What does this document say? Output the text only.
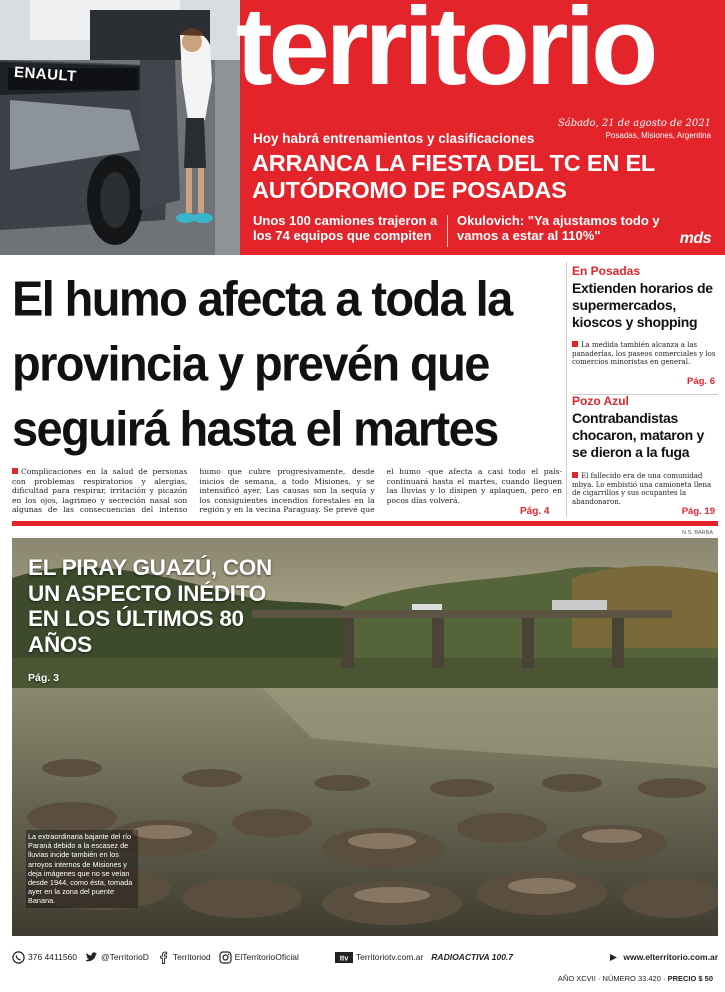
ENAULT territorio
Sábado, 21 de agosto de 2021
Posadas, Misiones, Argentina
Hoy habrá entrenamientos y clasificaciones
ARRANCA LA FIESTA DEL TC EN EL AUTÓDROMO DE POSADAS
Unos 100 camiones trajeron a los 74 equipos que compiten
Okulovich: "Ya ajustamos todo y vamos a estar al 110%"	mds
El humo afecta a toda la provincia y prevén que seguirá hasta el martes
Complicaciones en la salud de personas con problemas respiratorios y alergias, dificultad para respirar, irritación y picazón en los ojos, lagrimeo y secreción nasal son algunas de las consecuencias del intenso humo que cubre progresivamente, desde inicios de semana, a todo Misiones, y se intensificó ayer. Las causas son la sequía y los consiguientes incendios forestales en la región y en la vecina Paraguay. Se prevé que el humo -que afecta a casi todo el país- continuará hasta el martes, cuando lleguen las lluvias y lo disipen y aplaquen, pero en pocos días volverá.
Pág. 4
En Posadas
Extienden horarios de supermercados, kioscos y shopping
La medida también alcanza a las panaderías, los paseos comerciales y los comercios minoristas en general.
Pág. 6
Pozo Azul
Contrabandistas chocaron, mataron y se dieron a la fuga
El fallecido era de una comunidad mbya. Lo embistió una camioneta llena de cigarrillos y sus ocupantes la abandonaron.
Pág. 19
N.S. BARBA
EL PIRAY GUAZÚ, CON UN ASPECTO INÉDITO EN LOS ÚLTIMOS 80 AÑOS
Pág. 3
La extraordinaria bajante del río Paraná debido a la escasez de lluvias incide también en los arroyos internos de Misiones y deja imágenes que no se veían desde 1944, como ésta, tomada ayer en la zona del puente Banana.
376 4411560	@TerritorioD	Territoriod	ElTerritorioOficial	ttv Territoriotv.com.ar RADIOACTIVA 100.7	www.elterritorio.com.ar
AÑO XCVII · NÚMERO 33.420 · PRECIO $ 50
